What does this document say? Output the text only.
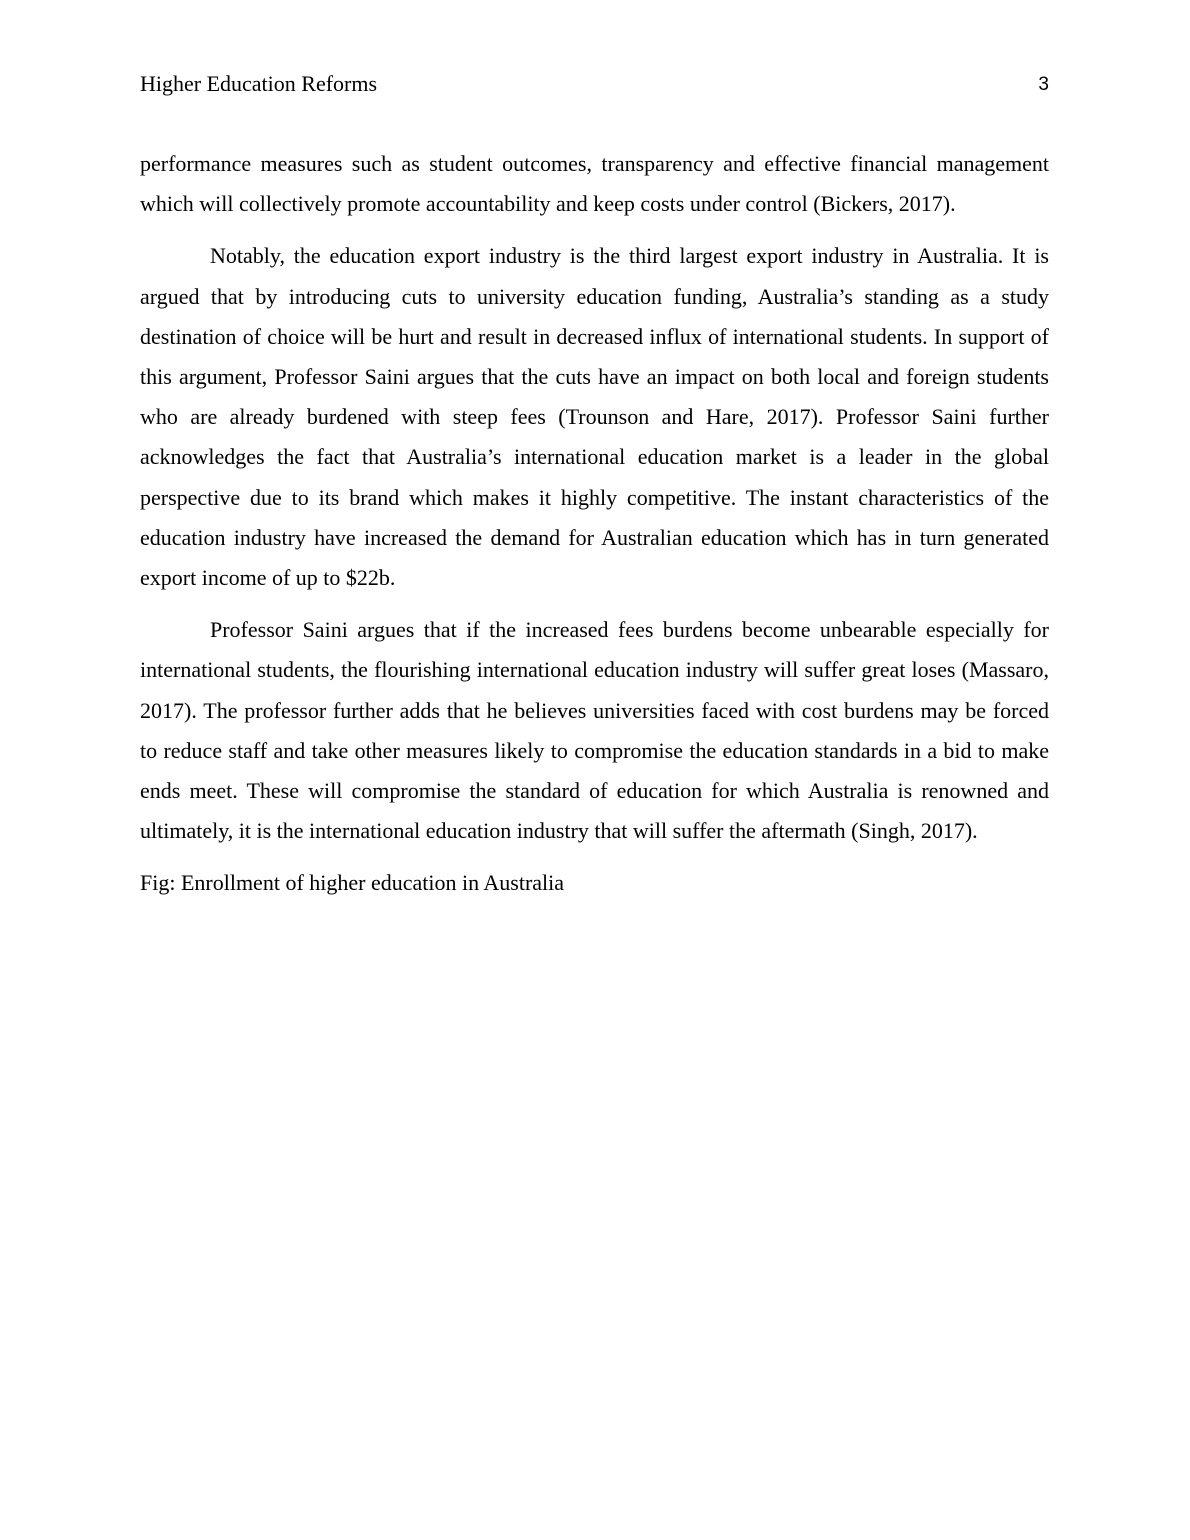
Higher Education Reforms	3

performance measures such as student outcomes, transparency and effective financial management which will collectively promote accountability and keep costs under control (Bickers, 2017).

Notably, the education export industry is the third largest export industry in Australia. It is argued that by introducing cuts to university education funding, Australia’s standing as a study destination of choice will be hurt and result in decreased influx of international students. In support of this argument, Professor Saini argues that the cuts have an impact on both local and foreign students who are already burdened with steep fees (Trounson and Hare, 2017). Professor Saini further acknowledges the fact that Australia’s international education market is a leader in the global perspective due to its brand which makes it highly competitive. The instant characteristics of the education industry have increased the demand for Australian education which has in turn generated export income of up to $22b.

Professor Saini argues that if the increased fees burdens become unbearable especially for international students, the flourishing international education industry will suffer great loses (Massaro, 2017). The professor further adds that he believes universities faced with cost burdens may be forced to reduce staff and take other measures likely to compromise the education standards in a bid to make ends meet. These will compromise the standard of education for which Australia is renowned and ultimately, it is the international education industry that will suffer the aftermath (Singh, 2017).

Fig: Enrollment of higher education in Australia
